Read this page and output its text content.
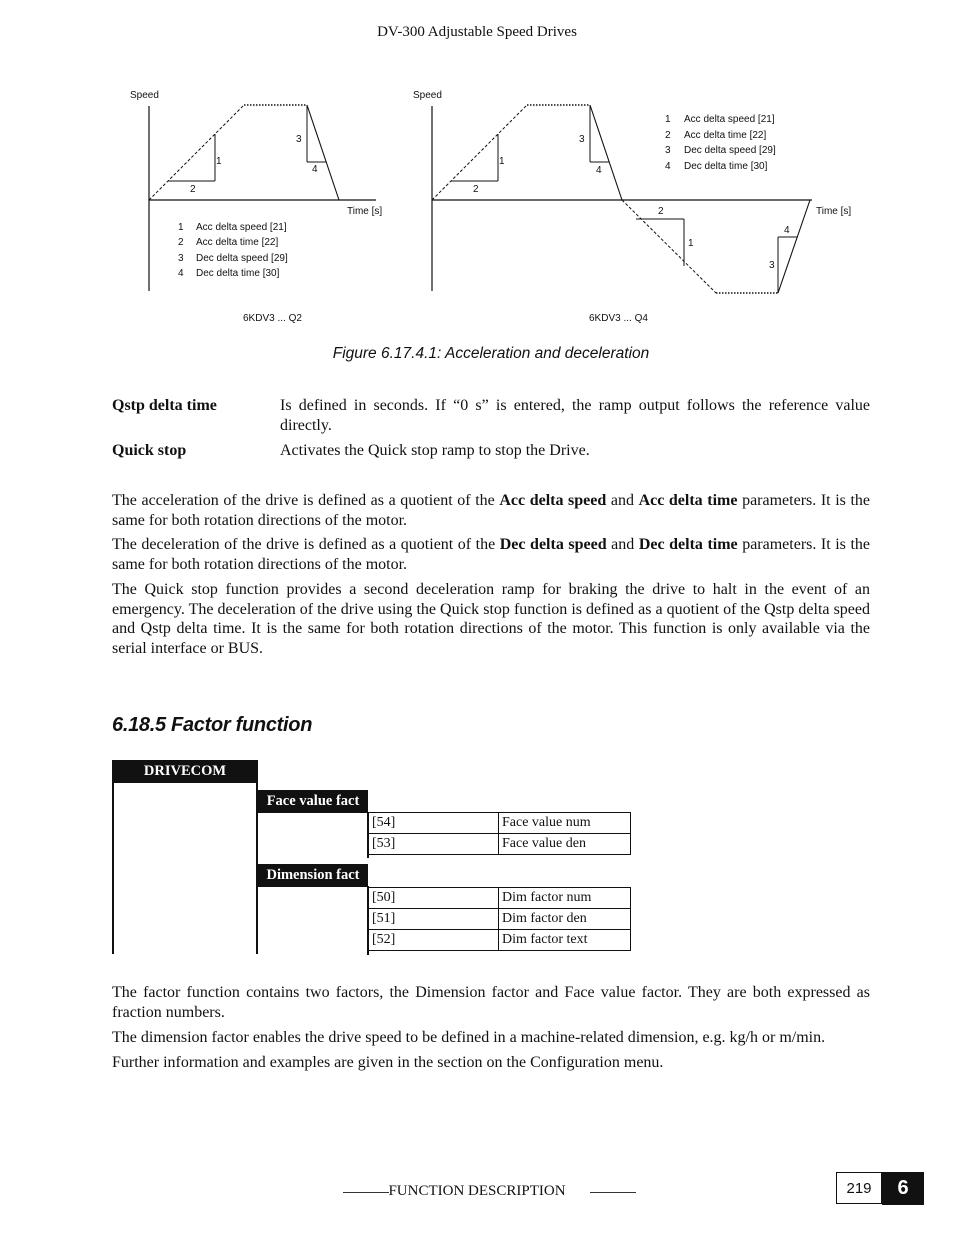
DV-300 Adjustable Speed Drives
Speed
Time [s]
1
2
3
4
1 Acc delta speed [21]
2 Acc delta time [22]
3 Dec delta speed [29]
4 Dec delta time [30]
6KDV3 ... Q2
Speed
Time [s]
1
2
3
4
2
1
4
3
1 Acc delta speed [21]
2 Acc delta time [22]
3 Dec delta speed [29]
4 Dec delta time [30]
6KDV3 ... Q4
Figure 6.17.4.1: Acceleration and deceleration
Qstp delta time	Is defined in seconds. If “0 s” is entered, the ramp output follows the reference value directly.
Quick stop	Activates the Quick stop ramp to stop the Drive.

The acceleration of the drive is defined as a quotient of the Acc delta speed and Acc delta time parameters. It is the same for both rotation directions of the motor.

The deceleration of the drive is defined as a quotient of the Dec delta speed and Dec delta time parameters. It is the same for both rotation directions of the motor.

The Quick stop function provides a second deceleration ramp for braking the drive to halt in the event of an emergency. The deceleration of the drive using the Quick stop function is defined as a quotient of the Qstp delta speed and Qstp delta time. It is the same for both rotation directions of the motor. This function is only available via the serial interface or BUS.

6.18.5 Factor function
DRIVECOM
Face value fact
[54]	Face value num
[53]	Face value den
Dimension fact
[50]	Dim factor num
[51]	Dim factor den
[52]	Dim factor text

The factor function contains two factors, the Dimension factor and Face value factor. They are both expressed as fraction numbers.

The dimension factor enables the drive speed to be defined in a machine-related dimension, e.g. kg/h or m/min.

Further information and examples are given in the section on the Configuration menu.

FUNCTION DESCRIPTION	219	6
